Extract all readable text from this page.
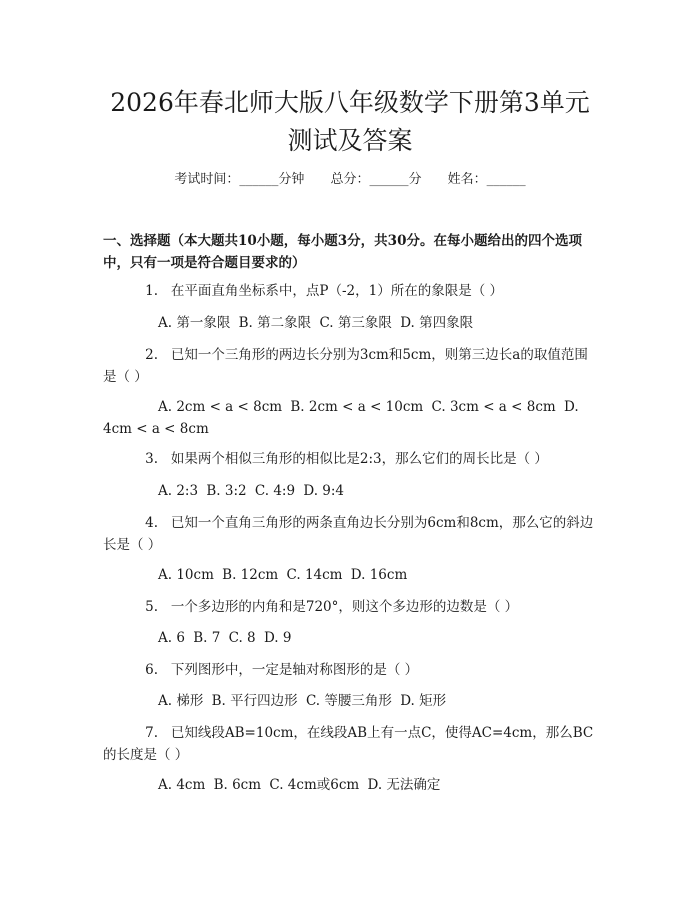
2026年春北师大版八年级数学下册第3单元
测试及答案
考试时间：______分钟 总分：______分 姓名：______

一、选择题（本大题共10小题，每小题3分，共30分。在每小题给出的四个选项中，只有一项是符合题目要求的）

1. 在平面直角坐标系中，点P（-2，1）所在的象限是（ ）

A. 第一象限 B. 第二象限 C. 第三象限 D. 第四象限

2. 已知一个三角形的两边长分别为3cm和5cm，则第三边长a的取值范围是（ ）

A. 2cm < a < 8cm B. 2cm < a < 10cm C. 3cm < a < 8cm D. 4cm < a < 8cm

3. 如果两个相似三角形的相似比是2:3，那么它们的周长比是（ ）

A. 2:3 B. 3:2 C. 4:9 D. 9:4

4. 已知一个直角三角形的两条直角边长分别为6cm和8cm，那么它的斜边长是（ ）

A. 10cm B. 12cm C. 14cm D. 16cm

5. 一个多边形的内角和是720°，则这个多边形的边数是（ ）

A. 6 B. 7 C. 8 D. 9

6. 下列图形中，一定是轴对称图形的是（ ）

A. 梯形 B. 平行四边形 C. 等腰三角形 D. 矩形

7. 已知线段AB=10cm，在线段AB上有一点C，使得AC=4cm，那么BC的长度是（ ）

A. 4cm B. 6cm C. 4cm或6cm D. 无法确定
